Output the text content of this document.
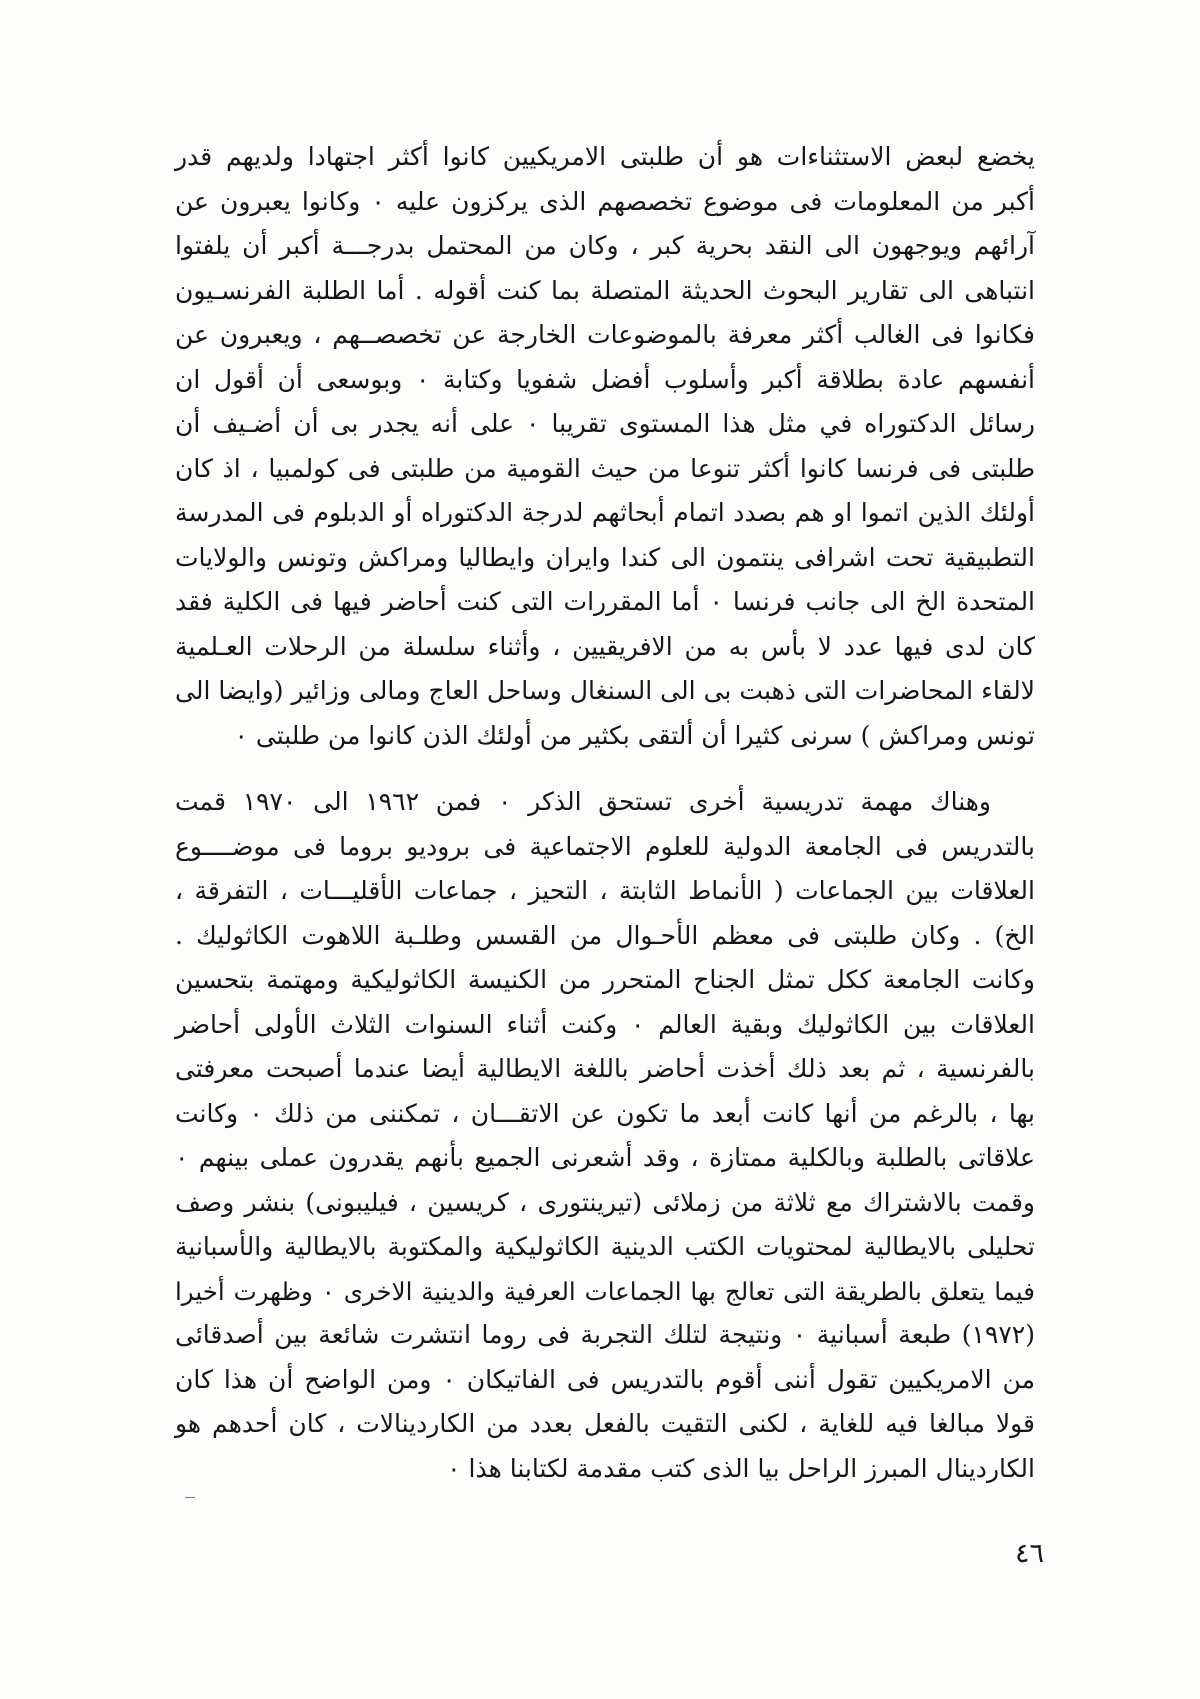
يخضع لبعض الاستثناءات هو أن طلبتى الامريكيين كانوا أكثر اجتهادا ولديهم قدر

أكبر من المعلومات فى موضوع تخصصهم الذى يركزون عليه ٠ وكانوا يعبرون عن

آرائهم ويوجهون الى النقد بحرية كبر ، وكان من المحتمل بدرجـــة أكبر أن يلفتوا

انتباهى الى تقارير البحوث الحديثة المتصلة بما كنت أقوله . أما الطلبة الفرنسـيون

فكانوا فى الغالب أكثر معرفة بالموضوعات الخارجة عن تخصصــهم ، ويعبرون عن

أنفسهم عادة بطلاقة أكبر وأسلوب أفضل شفويا وكتابة ٠ وبوسعى أن أقول ان

رسائل الدكتوراه في مثل هذا المستوى تقريبا ٠ على أنه يجدر بى أن أضـيف أن

طلبتى فى فرنسا كانوا أكثر تنوعا من حيث القومية من طلبتى فى كولمبيا ، اذ كان

أولئك الذين اتموا او هم بصدد اتمام أبحاثهم لدرجة الدكتوراه أو الدبلوم فى المدرسة

التطبيقية تحت اشرافى ينتمون الى كندا وايران وايطاليا ومراكش وتونس والولايات

المتحدة الخ الى جانب فرنسا ٠ أما المقررات التى كنت أحاضر فيها فى الكلية فقد

كان لدى فيها عدد لا بأس به من الافريقيين ، وأثناء سلسلة من الرحلات العـلمية

لالقاء المحاضرات التى ذهبت بى الى السنغال وساحل العاج ومالى وزائير (وايضا الى

تونس ومراكش ) سرنى كثيرا أن ألتقى بكثير من أولئك الذن كانوا من طلبتى ٠

وهناك مهمة تدريسية أخرى تستحق الذكر ٠ فمن ١٩٦٢ الى ١٩٧٠ قمت

بالتدريس فى الجامعة الدولية للعلوم الاجتماعية فى بروديو بروما فى موضــــوع

العلاقات بين الجماعات ( الأنماط الثابتة ، التحيز ، جماعات الأقليـــات ، التفرقة ،

الخ) . وكان طلبتى فى معظم الأحـوال من القسس وطلـبة اللاهوت الكاثوليك .

وكانت الجامعة ككل تمثل الجناح المتحرر من الكنيسة الكاثوليكية ومهتمة بتحسين

العلاقات بين الكاثوليك وبقية العالم ٠ وكنت أثناء السنوات الثلاث الأولى أحاضر

بالفرنسية ، ثم بعد ذلك أخذت أحاضر باللغة الايطالية أيضا عندما أصبحت معرفتى

بها ، بالرغم من أنها كانت أبعد ما تكون عن الاتقـــان ، تمكننى من ذلك ٠ وكانت

علاقاتى بالطلبة وبالكلية ممتازة ، وقد أشعرنى الجميع بأنهم يقدرون عملى بينهم ٠

وقمت بالاشتراك مع ثلاثة من زملائى (تيرينتورى ، كريسين ، فيليبونى) بنشر وصف

تحليلى بالايطالية لمحتويات الكتب الدينية الكاثوليكية والمكتوبة بالايطالية والأسبانية

فيما يتعلق بالطريقة التى تعالج بها الجماعات العرفية والدينية الاخرى ٠ وظهرت أخيرا

(١٩٧٢) طبعة أسبانية ٠ ونتيجة لتلك التجربة فى روما انتشرت شائعة بين أصدقائى

من الامريكيين تقول أننى أقوم بالتدريس فى الفاتيكان ٠ ومن الواضح أن هذا كان

قولا مبالغا فيه للغاية ، لكنى التقيت بالفعل بعدد من الكاردينالات ، كان أحدهم هو

الكاردينال المبرز الراحل بيا الذى كتب مقدمة لكتابنا هذا ٠

٤٦
